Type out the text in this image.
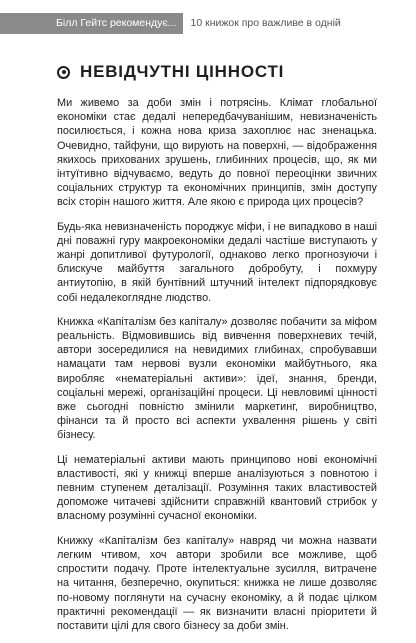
Білл Гейтс рекомендує...	10 книжок про важливе в одній
НЕВІДЧУТНІ ЦІННОСТІ

Ми живемо за доби змін і потрясінь. Клімат глобальної економіки стає дедалі непередбачуванішим, невизначеність посилюється, і кожна нова криза захоплює нас зненацька. Очевидно, тайфуни, що вирують на поверхні, — відображення якихось прихованих зрушень, глибинних процесів, що, як ми інтуїтивно відчуваємо, ведуть до повної переоцінки звичних соціальних структур та економічних принципів, змін доступу всіх сторін нашого життя. Але якою є природа цих процесів?

Будь-яка невизначеність породжує міфи, і не випадково в наші дні поважні гуру макроекономіки дедалі частіше виступають у жанрі допитливої футурології, однаково легко прогнозуючи і блискуче майбуття загального добробуту, і похмуру антиутопію, в якій бунтівний штучний інтелект підпорядковує собі недалекоглядне людство.

Книжка «Капіталізм без капіталу» дозволяє побачити за міфом реальність. Відмовившись від вивчення поверхневих течій, автори зосередилися на невидимих глибинах, спробувавши намацати там нервові вузли економіки майбутнього, яка виробляє «нематеріальні активи»: ідеї, знання, бренди, соціальні мережі, організаційні процеси. Ці невловимі цінності вже сьогодні повністю змінили маркетинг, виробництво, фінанси та й просто всі аспекти ухвалення рішень у світі бізнесу.

Ці нематеріальні активи мають принципово нові економічні властивості, які у книжці вперше аналізуються з повнотою і певним ступенем деталізації. Розуміння таких властивостей допоможе читачеві здійснити справжній квантовий стрибок у власному розумінні сучасної економіки.

Книжку «Капіталізм без капіталу» навряд чи можна назвати легким чтивом, хоч автори зробили все можливе, щоб спростити подачу. Проте інтелектуальне зусилля, витрачене на читання, безперечно, окупиться: книжка не лише дозволяє по-новому поглянути на сучасну економіку, а й подає цілком практичні рекомендації — як визначити власні пріоритети й поставити цілі для свого бізнесу за доби змін.
